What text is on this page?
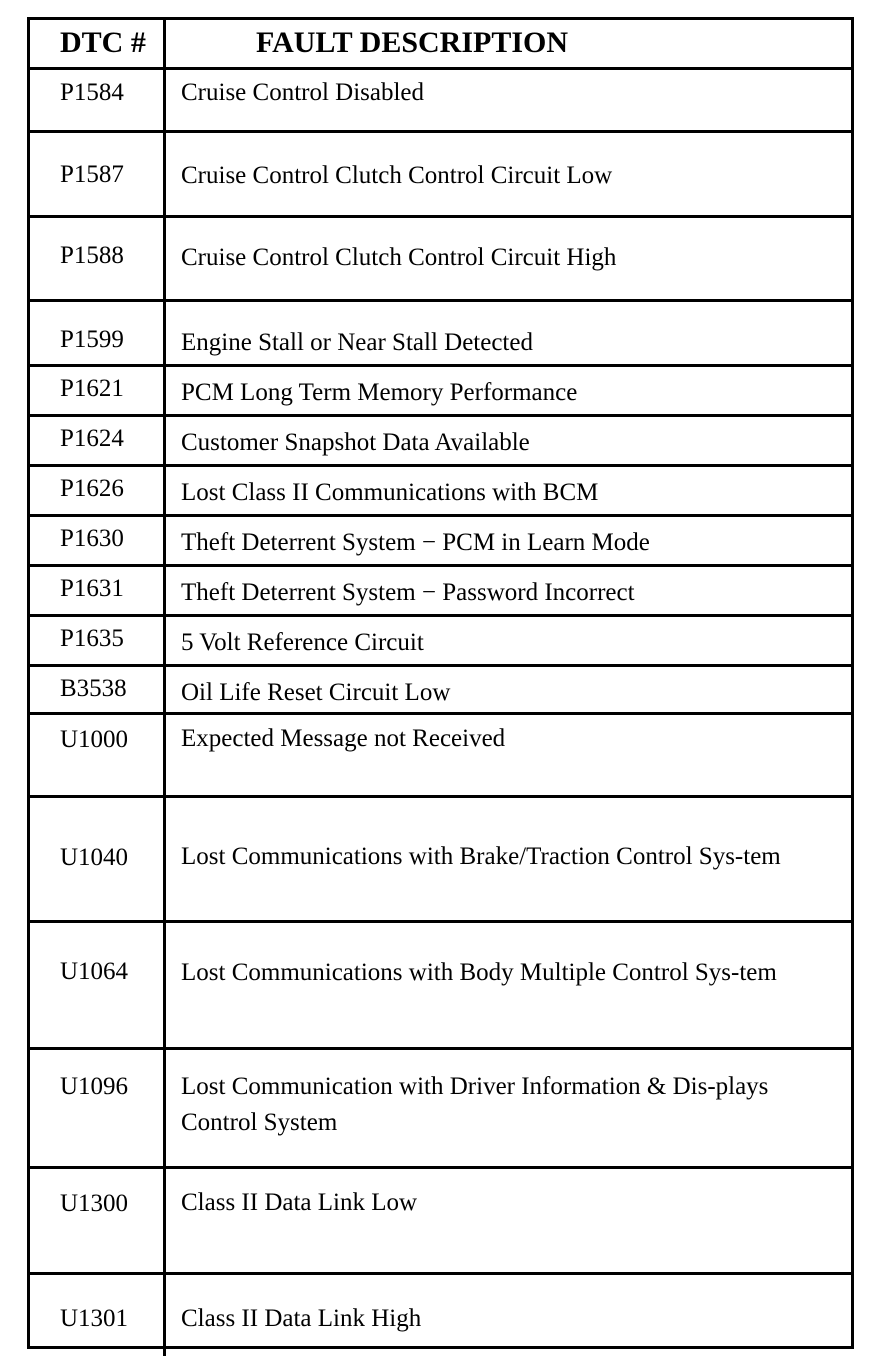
DTC #	FAULT DESCRIPTION
P1584	Cruise Control Disabled
P1587	Cruise Control Clutch Control Circuit Low
P1588	Cruise Control Clutch Control Circuit High
P1599	Engine Stall or Near Stall Detected
P1621	PCM Long Term Memory Performance
P1624	Customer Snapshot Data Available
P1626	Lost Class II Communications with BCM
P1630	Theft Deterrent System − PCM in Learn Mode
P1631	Theft Deterrent System − Password Incorrect
P1635	5 Volt Reference Circuit
B3538	Oil Life Reset Circuit Low
U1000	Expected Message not Received
U1040	Lost Communications with Brake/Traction Control Sys-tem
U1064	Lost Communications with Body Multiple Control Sys-tem
U1096	Lost Communication with Driver Information & Dis-plays Control System
U1300	Class II Data Link Low
U1301	Class II Data Link High
